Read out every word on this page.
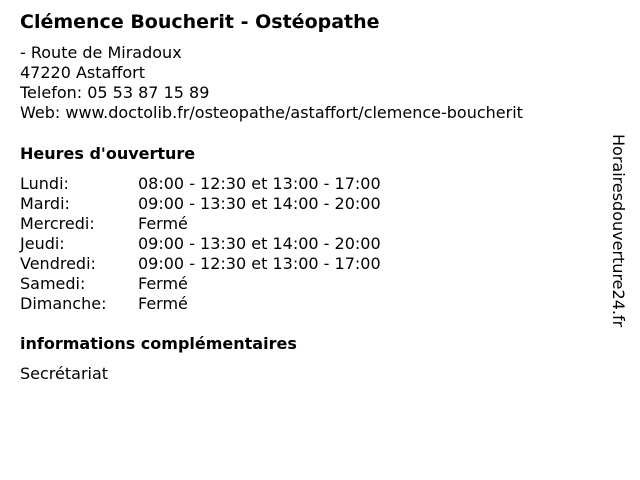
Clémence Boucherit - Ostéopathe
- Route de Miradoux
47220 Astaffort
Telefon: 05 53 87 15 89
Web: www.doctolib.fr/osteopathe/astaffort/clemence-boucherit
Heures d'ouverture
Lundi:	08:00 - 12:30 et 13:00 - 17:00
Mardi:	09:00 - 13:30 et 14:00 - 20:00
Mercredi:	Fermé
Jeudi:	09:00 - 13:30 et 14:00 - 20:00
Vendredi:	09:00 - 12:30 et 13:00 - 17:00
Samedi:	Fermé
Dimanche: Fermé
informations complémentaires
Secrétariat
Horairesdouverture24.fr
